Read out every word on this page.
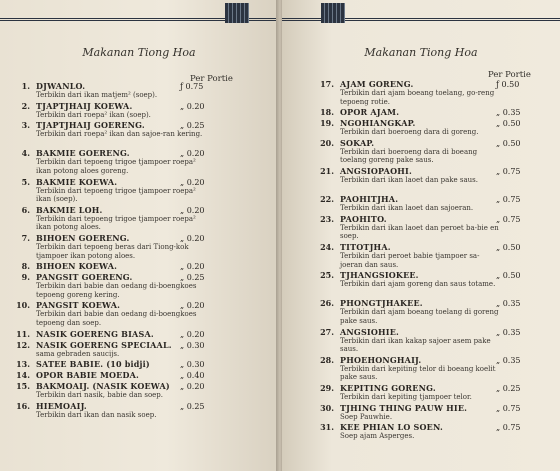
Makanan Tiong Hoa
Per Portie
1. DJWANLO.	ƒ 0.75
Terbikin dari ikan matjem² (soep).
2. TJAPTJHAIJ KOEWA.	„ 0.20
Terbikin dari roepa² ikan (soep).
3. TJAPTJHAIJ GOERENG.	„ 0.25
Terbikin dari roepa² ikan dan sajoe-ran kering.
4. BAKMIE GOERENG.	„ 0.20
Terbikin dari tepoeng trigoe tjampoer roepa² ikan potong aloes goreng.
5. BAKMIE KOEWA.	„ 0.20
Terbikin dari tepoeng trigoe tjampoer roepa² ikan (soep).
6. BAKMIE LOH.	„ 0.20
Terbikin dari tepoeng trigoe tjampoer roepa² ikan potong aloes.
7. BIHOEN GOERENG.	„ 0.20
Terbikin dari tepoeng beras dari Tiong-kok tjampoer ikan potong aloes.
8. BIHOEN KOEWA.	„ 0.20
9. PANGSIT GOERENG.	„ 0.25
Terbikin dari babie dan oedang di-boengkoes tepoeng goreng kering.
10. PANGSIT KOEWA.	„ 0.20
Terbikin dari babie dan oedang di-boengkoes tepoeng dan soep.
11. NASIK GOERENG BIASA.	„ 0.20
12. NASIK GOERENG SPECIAAL. „ 0.30
sama gebraden saucijs.
13. SATEE BABIE. (10 bidji)	„ 0.30
14. OPOR BABIE MOEDA.	„ 0.40
15. BAKMOAIJ. (NASIK KOEWA) „ 0.20
Terbikin dari nasik, babie dan soep.
16. HIEMOAIJ.	„ 0.25
Terbikin dari ikan dan nasik soep.
Makanan Tiong Hoa
Per Portie
17. AJAM GORENG.	ƒ 0.50
Terbikin dari ajam boeang toelang, go-reng tepoeng rotie.
18. OPOR AJAM.	„ 0.35
19. NGOHIANGKAP.	„ 0.50
Terbikin dari boeroeng dara di goreng.
20. SOKAP.	„ 0.50
Terbikin dari boeroeng dara di boeang toelang goreng pake saus.
21. ANGSIOPAOHI.	„ 0.75
Terbikin dari ikan laoet dan pake saus.
22. PAOHITJHA.	„ 0.75
Terbikin dari ikan laoet dan sajoeran.
23. PAOHITO.	„ 0.75
Terbikin dari ikan laoet dan peroet ba-bie en soep.
24. TITOTJHA.	„ 0.50
Terbikin dari peroet babie tjampoer sa-joeran dan saus.
25. TJHANGSIOKEE.	„ 0.50
Terbikin dari ajam goreng dan saus totame.
26. PHONGTJHAKEE.	„ 0.35
Terbikin dari ajam boeang toelang di goreng pake saus.
27. ANGSIOHIE.	„ 0.35
Terbikin dari ikan kakap sajoer asem pake saus.
28. PHOEHONGHAIJ.	„ 0.35
Terbikin dari kepiting telor di boeang koelit pake saus.
29. KEPITING GORENG.	„ 0.25
Terbikin dari kepiting tjampoer telor.
30. TJHING THING PAUW HIE.	„ 0.75
Soep Pauwhie.
31. KEE PHIAN LO SOEN.	„ 0.75
Soep ajam Asperges.
